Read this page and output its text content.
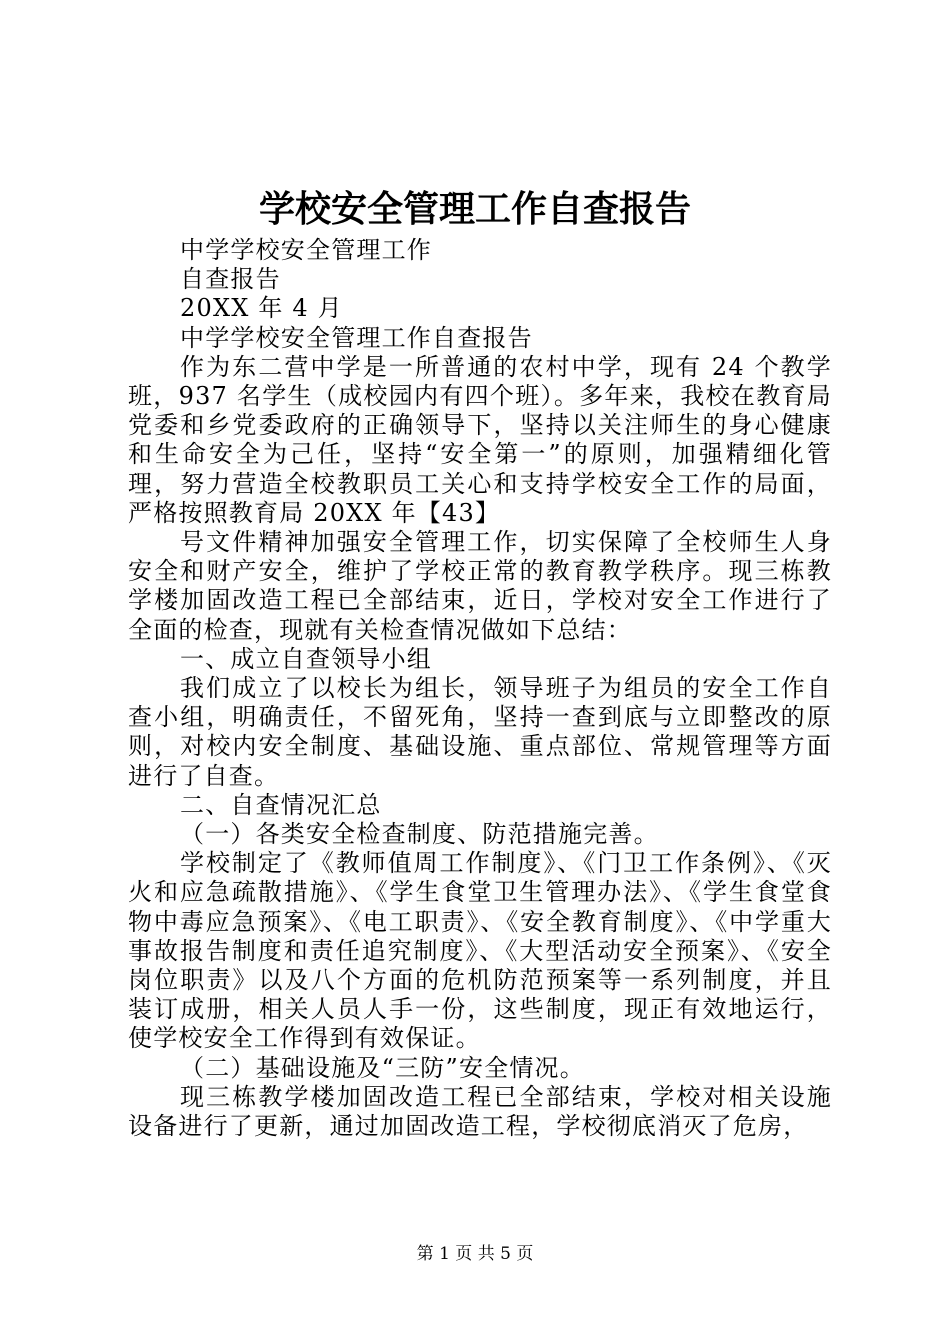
学校安全管理工作自查报告

中学学校安全管理工作

自查报告

20XX 年 4 月

中学学校安全管理工作自查报告

作为东二营中学是一所普通的农村中学，现有 24 个教学班，937 名学生（成校园内有四个班）。多年来，我校在教育局党委和乡党委政府的正确领导下，坚持以关注师生的身心健康和生命安全为己任，坚持“安全第一”的原则，加强精细化管理，努力营造全校教职员工关心和支持学校安全工作的局面，严格按照教育局 20XX 年【43】

号文件精神加强安全管理工作，切实保障了全校师生人身安全和财产安全，维护了学校正常的教育教学秩序。现三栋教学楼加固改造工程已全部结束，近日，学校对安全工作进行了全面的检查，现就有关检查情况做如下总结：

一、成立自查领导小组

我们成立了以校长为组长，领导班子为组员的安全工作自查小组，明确责任，不留死角，坚持一查到底与立即整改的原则，对校内安全制度、基础设施、重点部位、常规管理等方面进行了自查。

二、自查情况汇总

（一）各类安全检查制度、防范措施完善。

学校制定了《教师值周工作制度》、《门卫工作条例》、《灭火和应急疏散措施》、《学生食堂卫生管理办法》、《学生食堂食物中毒应急预案》、《电工职责》、《安全教育制度》、《中学重大事故报告制度和责任追究制度》、《大型活动安全预案》、《安全岗位职责》以及八个方面的危机防范预案等一系列制度，并且装订成册，相关人员人手一份，这些制度，现正有效地运行，使学校安全工作得到有效保证。

（二）基础设施及“三防”安全情况。

现三栋教学楼加固改造工程已全部结束，学校对相关设施设备进行了更新，通过加固改造工程，学校彻底消灭了危房，

第 1 页 共 5 页
